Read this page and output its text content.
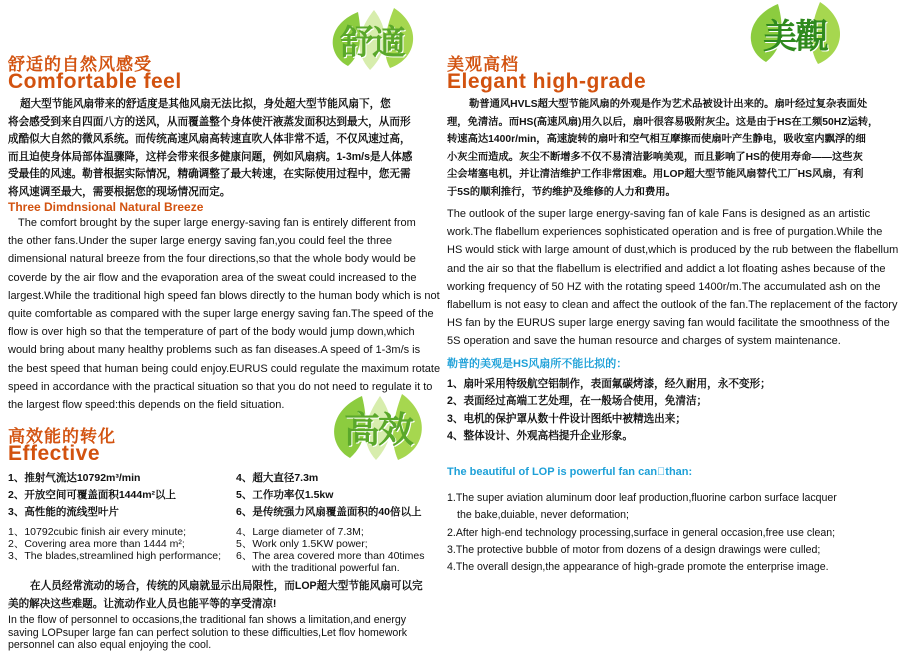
舒適
舒适的自然风感受
Comfortable feel
超大型节能风扇带来的舒适度是其他风扇无法比拟，身处超大型节能风扇下，您
将会感受到来自四面八方的送风，从而覆盖整个身体使汗液蒸发面积达到最大，从而形
成酷似大自然的微风系统。而传统高速风扇高转速直吹人体非常不适，不仅风速过高，
而且迫使身体局部体温骤降，这样会带来很多健康问题，例如风扇病。1-3m/s是人体感
受最佳的风速。勒普根据实际情况，精确调整了最大转速，在实际使用过程中，您无需
将风速调至最大，需要根据您的现场情况而定。
Three Dimdnsional Natural Breeze
The comfort brought by the super large energy-saving fan is entirely different from
the other fans.Under the super large energy saving fan,you could feel the three
dimensional natural breeze from the four directions,so that the whole body would be
coverde by the air flow and the evaporation area of the sweat could increased to the
largest.While the traditional high speed fan blows directly to the human body which is not
quite comfortable as compared with the super large energy saving fan.The speed of the
flow is over high so that the temperature of part of the body would jump down,which
would bring about many healthy problems such as fan diseases.A speed of 1-3m/s is
the best speed that human being could enjoy.EURUS could regulate the maximum rotate
speed in accordance with the practical situation so that you do not need to regulate it to
the largest flow speed:this depends on the field situation.
高效
高效能的转化
Effective
1、推射气流达10792m³/min
2、开放空间可覆盖面积1444m²以上
3、高性能的流线型叶片
4、超大直径7.3m
5、工作功率仅1.5kw
6、是传统强力风扇覆盖面积的40倍以上
1、10792cubic finish air every minute;
2、Covering area more than 1444 m²;
3、The blades,streamlined high performance;
4、Large diameter of 7.3M;
5、Work only 1.5KW power;
6、The area covered more than 40times
with the traditional powerful fan.
在人员经常流动的场合，传统的风扇就显示出局限性，而LOP超大型节能风扇可以完
美的解决这些难题。让流动作业人员也能平等的享受清凉!
In the flow of personnel to occasions,the traditional fan shows a limitation,and energy
saving LOPsuper large fan can perfect solution to these difficulties,Let flov homework
personnel can also equal enjoying the cool.
美觀
美观高档
Elegant high-grade
勒普通风HVLS超大型节能风扇的外观是作为艺术品被设计出来的。扇叶经过复杂表面处
理，免清洁。而HS(高速风扇)用久以后，扇叶很容易吸附灰尘。这是由于HS在工频50HZ运转，
转速高达1400r/min，高速旋转的扇叶和空气相互摩擦而使扇叶产生静电，吸收室内飘浮的细
小灰尘而造成。灰尘不断增多不仅不易清洁影响美观，而且影响了HS的使用寿命——这些灰
尘会堵塞电机，并让清洁维护工作非常困难。用LOP超大型节能风扇替代工厂HS风扇，有利
于5S的顺利推行，节约维护及维修的人力和费用。
The outlook of the super large energy-saving fan of kale Fans is designed as an artistic
work.The flabellum experiences sophisticated operation and is free of purgation.While the
HS would stick with large amount of dust,which is produced by the rub between the flabellum
and the air so that the flabellum is electrified and addict a lot floating ashes because of the
working frequency of 50 HZ with the rotating speed 1400r/m.The accumulated ash on the
flabellum is not easy to clean and affect the outlook of the fan.The replacement of the factory
HS fan by the EURUS super large energy saving fan would facilitate the smoothness of the
5S operation and save the human resource and charges of system maintenance.
勒普的美观是HS风扇所不能比拟的：
1、扇叶采用特级航空铝制作，表面氟碳烤漆，经久耐用，永不变形；
2、表面经过高端工艺处理，在一般场合使用，免清洁；
3、电机的保护罩从数十件设计图纸中被精选出来；
4、整体设计、外观高档提升企业形象。
The beautiful of LOP is powerful fan can than:
1.The super aviation aluminum door leaf production,fluorine carbon surface lacquer
the bake,duiable, never deformation;
2.After high-end technology processing,surface in general occasion,free use clean;
3.The protective bubble of motor from dozens of a design drawings were culled;
4.The overall design,the appearance of high-grade promote the enterprise image.
